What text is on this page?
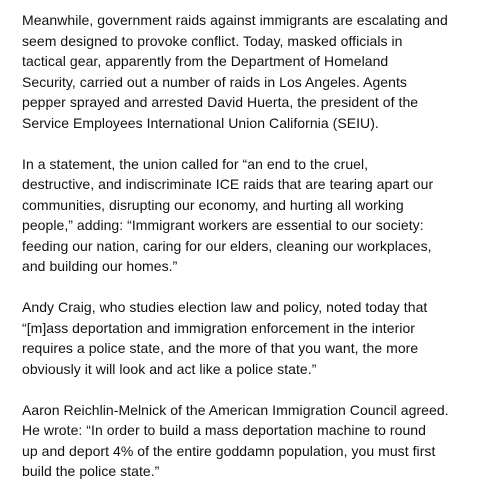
Meanwhile, government raids against immigrants are escalating and
seem designed to provoke conflict. Today, masked officials in
tactical gear, apparently from the Department of Homeland
Security, carried out a number of raids in Los Angeles. Agents
pepper sprayed and arrested David Huerta, the president of the
Service Employees International Union California (SEIU).

In a statement, the union called for “an end to the cruel,
destructive, and indiscriminate ICE raids that are tearing apart our
communities, disrupting our economy, and hurting all working
people,” adding: “Immigrant workers are essential to our society:
feeding our nation, caring for our elders, cleaning our workplaces,
and building our homes.”

Andy Craig, who studies election law and policy, noted today that
“[m]ass deportation and immigration enforcement in the interior
requires a police state, and the more of that you want, the more
obviously it will look and act like a police state.”

Aaron Reichlin-Melnick of the American Immigration Council agreed.
He wrote: “In order to build a mass deportation machine to round
up and deport 4% of the entire goddamn population, you must first
build the police state.”
